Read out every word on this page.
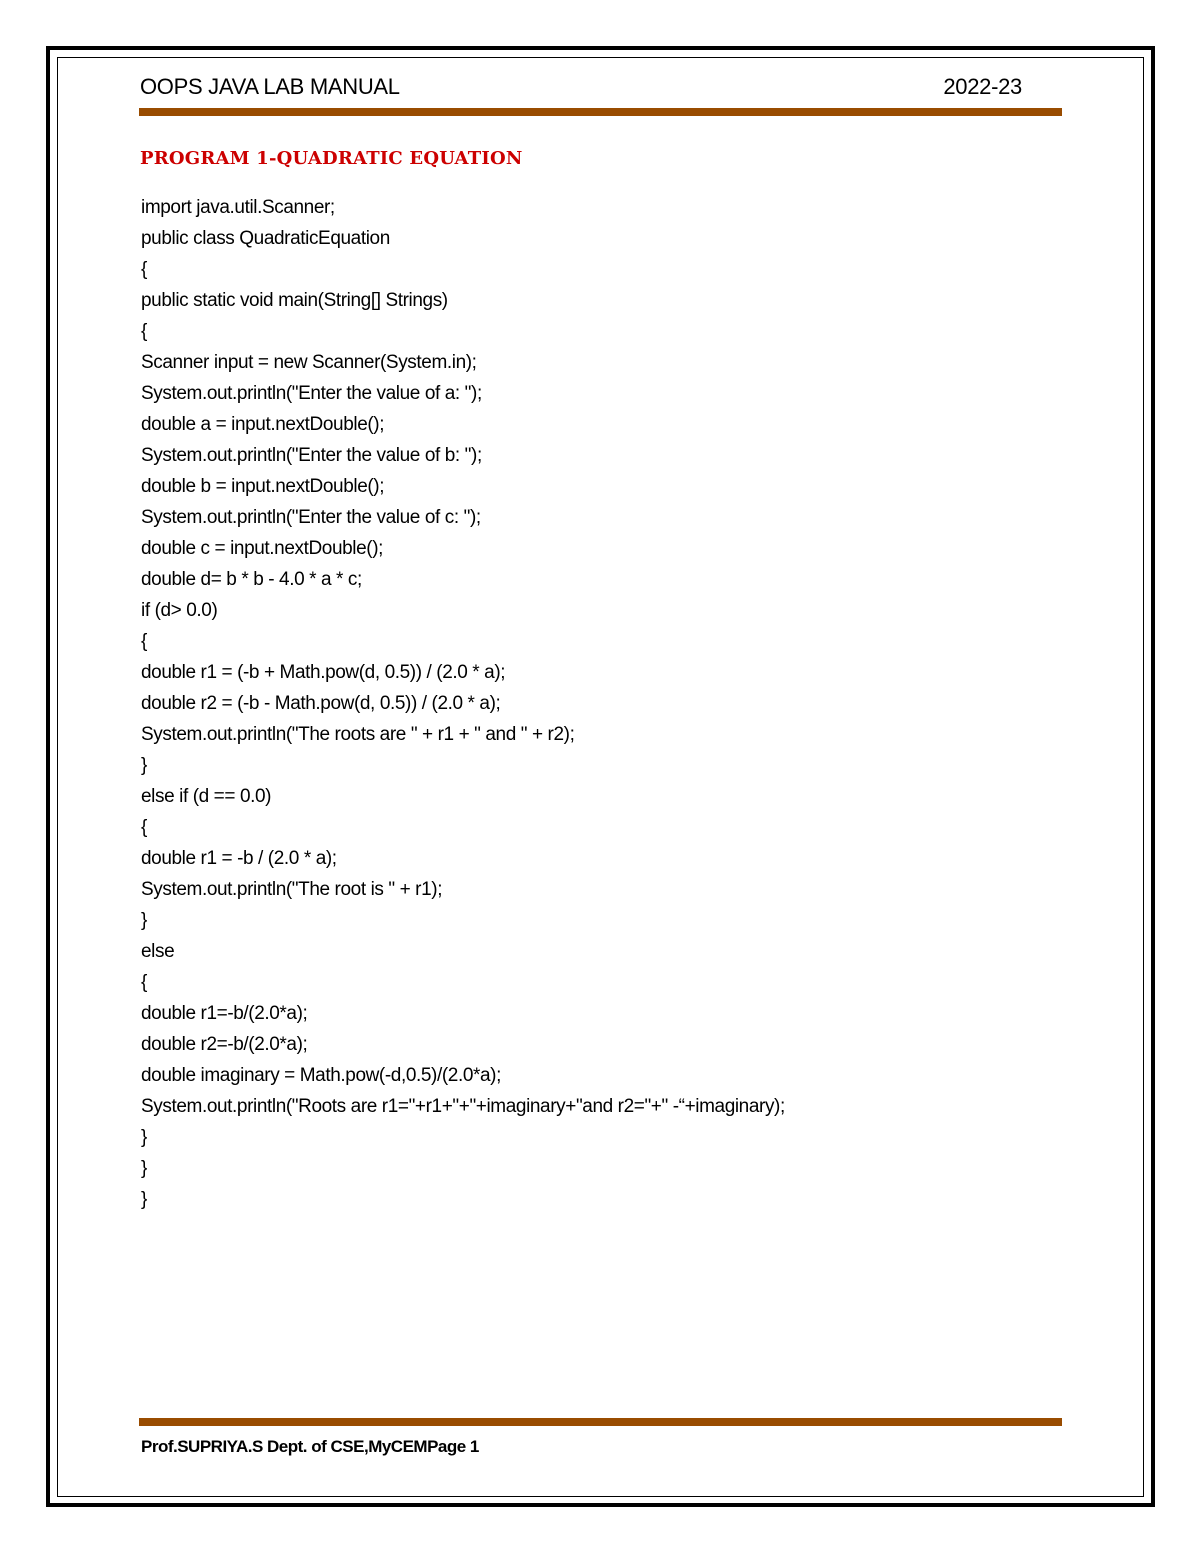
OOPS JAVA LAB MANUAL	2022-23
PROGRAM 1-QUADRATIC EQUATION
import java.util.Scanner;
public class QuadraticEquation
{
public static void main(String[] Strings)
{
Scanner input = new Scanner(System.in);
System.out.println("Enter the value of a: ");
double a = input.nextDouble();
System.out.println("Enter the value of b: ");
double b = input.nextDouble();
System.out.println("Enter the value of c: ");
double c = input.nextDouble();
double d= b * b - 4.0 * a * c;
if (d> 0.0)
{
double r1 = (-b + Math.pow(d, 0.5)) / (2.0 * a);
double r2 = (-b - Math.pow(d, 0.5)) / (2.0 * a);
System.out.println("The roots are " + r1 + " and " + r2);
}
else if (d == 0.0)
{
double r1 = -b / (2.0 * a);
System.out.println("The root is " + r1);
}
else
{
double r1=-b/(2.0*a);
double r2=-b/(2.0*a);
double imaginary = Math.pow(-d,0.5)/(2.0*a);
System.out.println("Roots are r1="+r1+"+"+imaginary+"and r2="+" -“+imaginary);
}
}
}
Prof.SUPRIYA.S Dept. of CSE,MyCEMPage 1
